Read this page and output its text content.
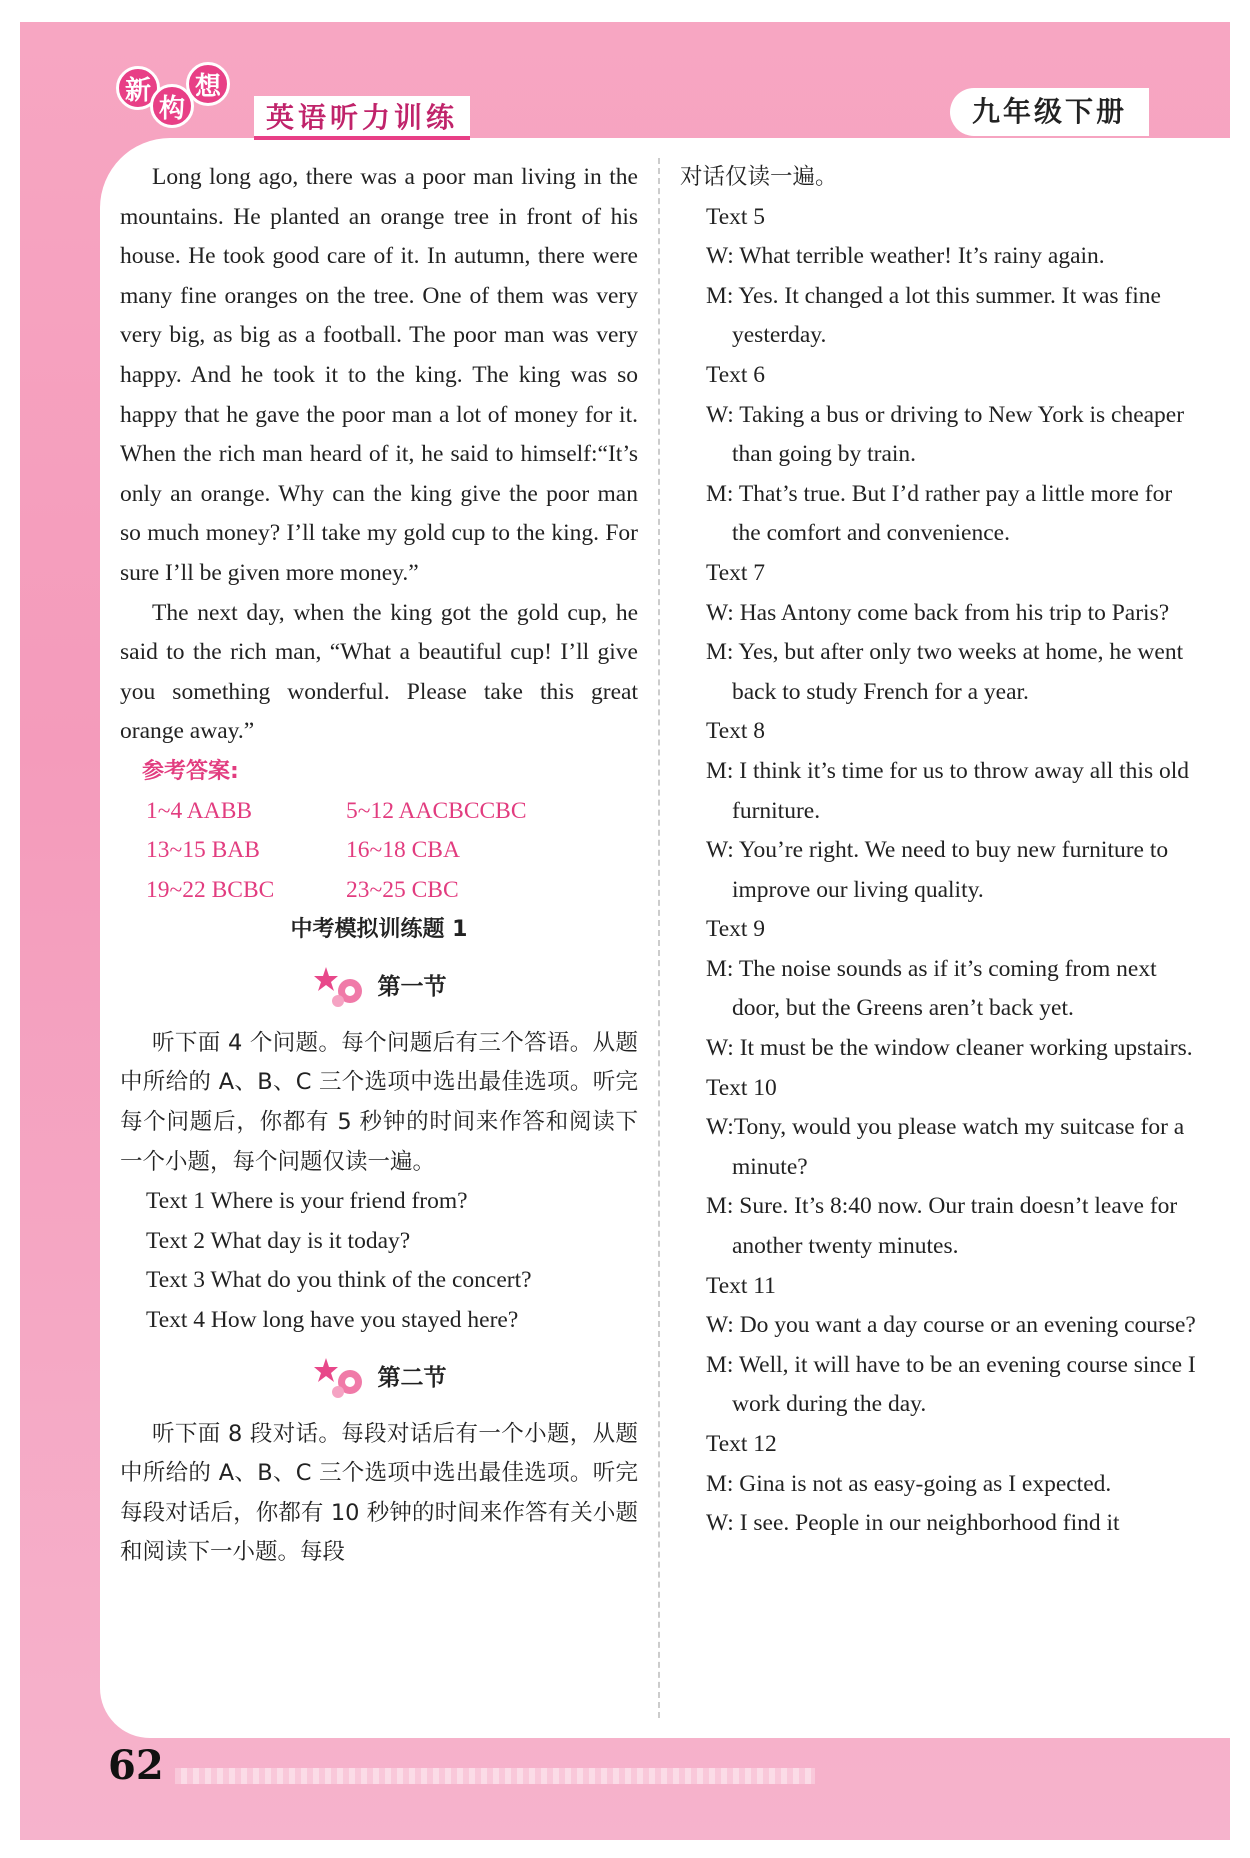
新
构
想
英语听力训练	九年级下册

Long long ago, there was a poor man living in the mountains. He planted an orange tree in front of his house. He took good care of it. In autumn, there were many fine oranges on the tree. One of them was very very big, as big as a football. The poor man was very happy. And he took it to the king. The king was so happy that he gave the poor man a lot of money for it. When the rich man heard of it, he said to himself:“It’s only an orange. Why can the king give the poor man so much money? I’ll take my gold cup to the king. For sure I’ll be given more money.”

The next day, when the king got the gold cup, he said to the rich man, “What a beautiful cup! I’ll give you something wonderful. Please take this great orange away.”

参考答案:
1~4 AABB	5~12 AACBCCBC
13~15 BAB	16~18 CBA
19~22 BCBC	23~25 CBC
中考模拟训练题 1
第一节

听下面 4 个问题。每个问题后有三个答语。从题中所给的 A、B、C 三个选项中选出最佳选项。听完每个问题后，你都有 5 秒钟的时间来作答和阅读下一个小题，每个问题仅读一遍。

Text 1 Where is your friend from?
Text 2 What day is it today?
Text 3 What do you think of the concert?
Text 4 How long have you stayed here?
第二节

听下面 8 段对话。每段对话后有一个小题，从题中所给的 A、B、C 三个选项中选出最佳选项。听完每段对话后，你都有 10 秒钟的时间来作答有关小题和阅读下一小题。每段

对话仅读一遍。
Text 5
W: What terrible weather! It’s rainy again.
M: Yes. It changed a lot this summer. It was fine yesterday.
Text 6
W: Taking a bus or driving to New York is cheaper than going by train.
M: That’s true. But I’d rather pay a little more for the comfort and convenience.
Text 7
W: Has Antony come back from his trip to Paris?
M: Yes, but after only two weeks at home, he went back to study French for a year.
Text 8
M: I think it’s time for us to throw away all this old furniture.
W: You’re right. We need to buy new furniture to improve our living quality.
Text 9
M: The noise sounds as if it’s coming from next door, but the Greens aren’t back yet.
W: It must be the window cleaner working upstairs.
Text 10
W:Tony, would you please watch my suitcase for a minute?
M: Sure. It’s 8:40 now. Our train doesn’t leave for another twenty minutes.
Text 11
W: Do you want a day course or an evening course?
M: Well, it will have to be an evening course since I work during the day.
Text 12
M: Gina is not as easy-going as I expected.
W: I see. People in our neighborhood find it
62
